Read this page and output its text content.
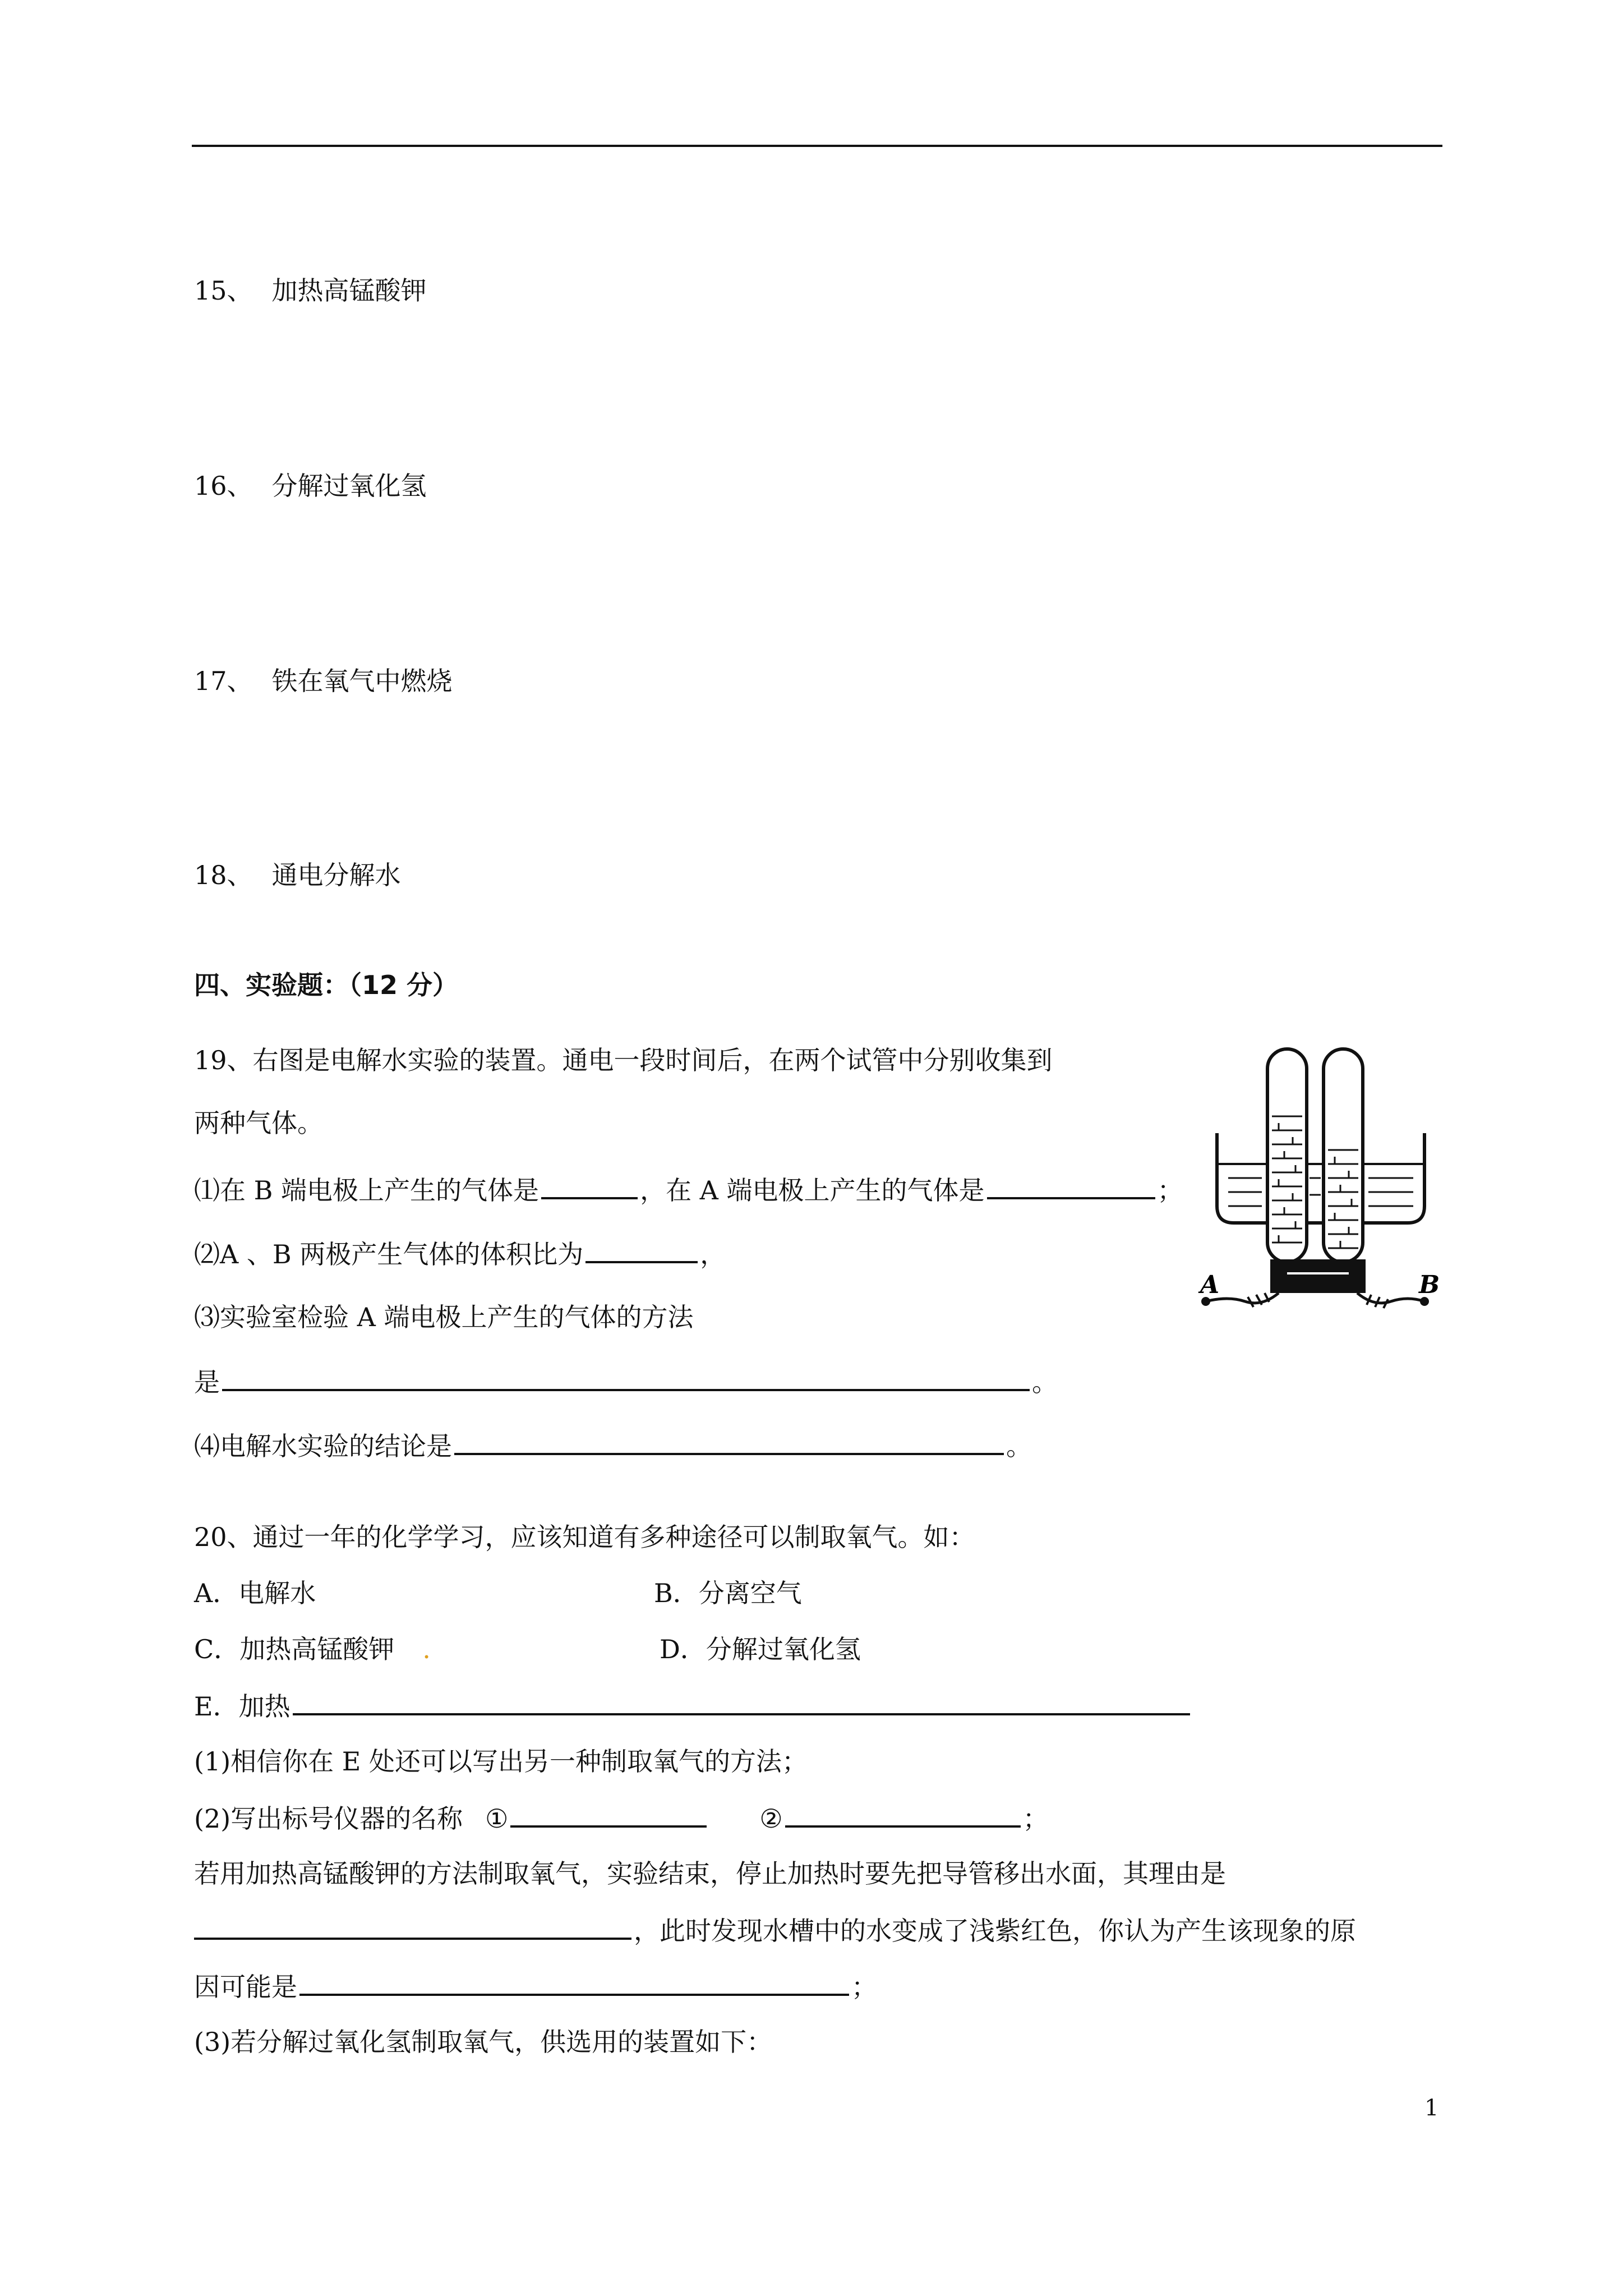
15、 加热高锰酸钾
16、 分解过氧化氢
17、 铁在氧气中燃烧
18、 通电分解水
四、实验题：（12 分）
19、右图是电解水实验的装置。通电一段时间后，在两个试管中分别收集到
两种气体。
⑴在 B 端电极上产生的气体是	，在 A 端电极上产生的气体是	；
⑵A 、B 两极产生气体的体积比为	，
⑶实验室检验 A 端电极上产生的气体的方法
是	。
⑷电解水实验的结论是	。
A	B
20、通过一年的化学学习，应该知道有多种途径可以制取氧气。如：
A．电解水	B．分离空气
C．加热高锰酸钾 .	D．分解过氧化氢
E．加热
(1)相信你在 E 处还可以写出另一种制取氧气的方法；
(2)写出标号仪器的名称 ①	②	；
若用加热高锰酸钾的方法制取氧气，实验结束，停止加热时要先把导管移出水面，其理由是
，此时发现水槽中的水变成了浅紫红色，你认为产生该现象的原
因可能是	；
(3)若分解过氧化氢制取氧气，供选用的装置如下：
1
